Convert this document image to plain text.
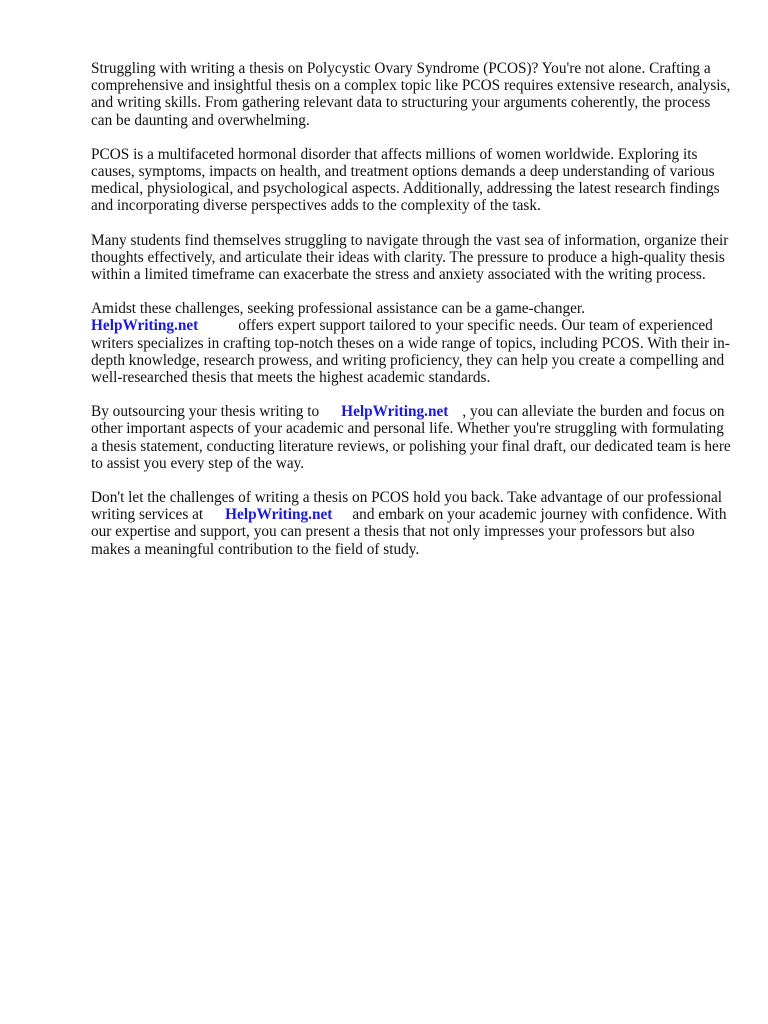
Struggling with writing a thesis on Polycystic Ovary Syndrome (PCOS)? You're not alone. Crafting a comprehensive and insightful thesis on a complex topic like PCOS requires extensive research, analysis, and writing skills. From gathering relevant data to structuring your arguments coherently, the process can be daunting and overwhelming.

PCOS is a multifaceted hormonal disorder that affects millions of women worldwide. Exploring its causes, symptoms, impacts on health, and treatment options demands a deep understanding of various medical, physiological, and psychological aspects. Additionally, addressing the latest research findings and incorporating diverse perspectives adds to the complexity of the task.

Many students find themselves struggling to navigate through the vast sea of information, organize their thoughts effectively, and articulate their ideas with clarity. The pressure to produce a high-quality thesis within a limited timeframe can exacerbate the stress and anxiety associated with the writing process.

Amidst these challenges, seeking professional assistance can be a game-changer.
HelpWriting.net	offers expert support tailored to your specific needs. Our team of experienced writers specializes in crafting top-notch theses on a wide range of topics, including PCOS. With their in-depth knowledge, research prowess, and writing proficiency, they can help you create a compelling and well-researched thesis that meets the highest academic standards.

By outsourcing your thesis writing to HelpWriting.net , you can alleviate the burden and focus on other important aspects of your academic and personal life. Whether you're struggling with formulating a thesis statement, conducting literature reviews, or polishing your final draft, our dedicated team is here to assist you every step of the way.

Don't let the challenges of writing a thesis on PCOS hold you back. Take advantage of our professional writing services at HelpWriting.net and embark on your academic journey with confidence. With our expertise and support, you can present a thesis that not only impresses your professors but also makes a meaningful contribution to the field of study.
